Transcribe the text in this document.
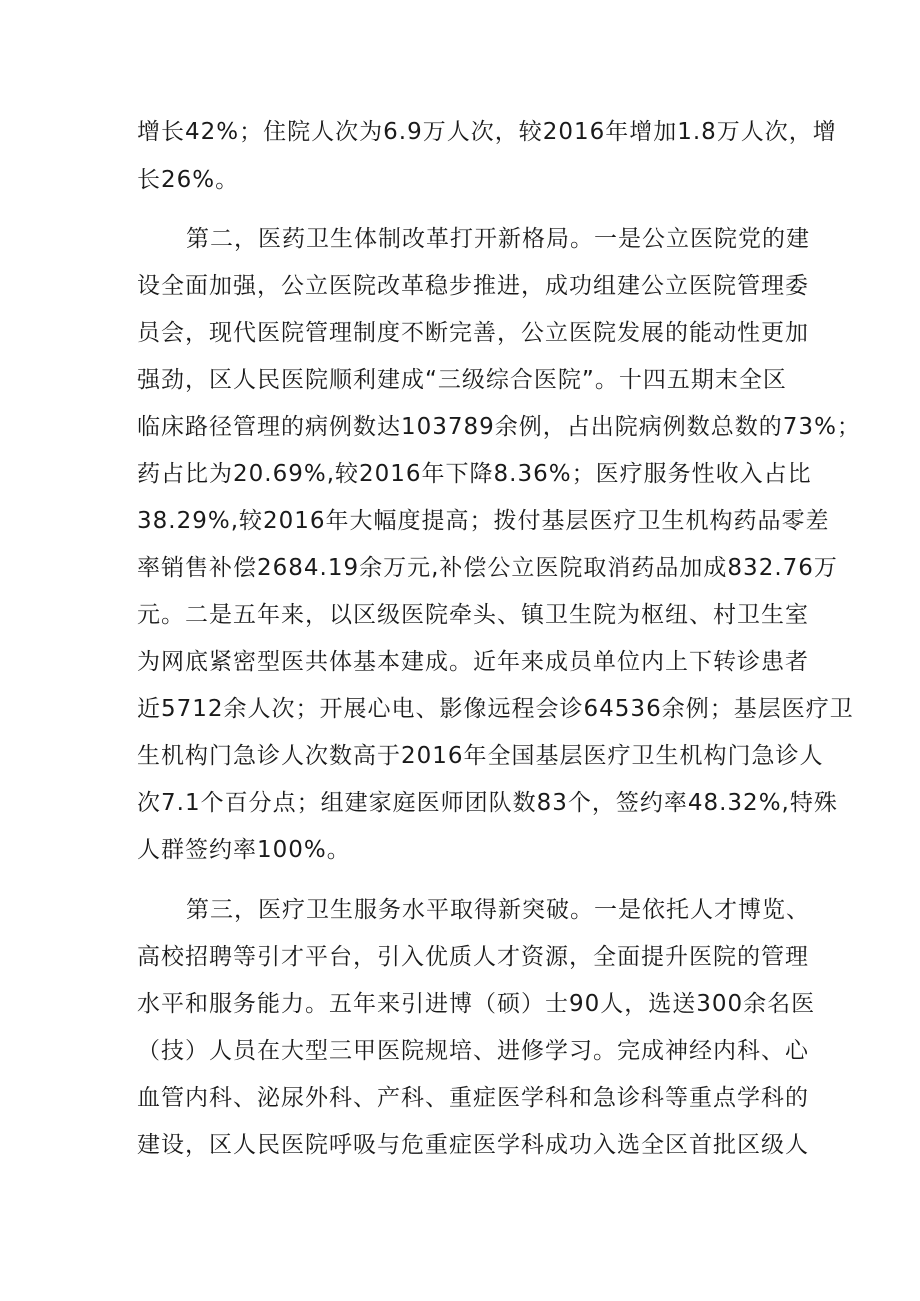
增长42%；住院人次为6.9万人次，较2016年增加1.8万人次，增
长26%。
第二，医药卫生体制改革打开新格局。一是公立医院党的建
设全面加强，公立医院改革稳步推进，成功组建公立医院管理委
员会，现代医院管理制度不断完善，公立医院发展的能动性更加
强劲，区人民医院顺利建成“三级综合医院”。十四五期末全区
临床路径管理的病例数达103789余例，占出院病例数总数的73%；
药占比为20.69%,较2016年下降8.36%；医疗服务性收入占比
38.29%,较2016年大幅度提高；拨付基层医疗卫生机构药品零差
率销售补偿2684.19余万元,补偿公立医院取消药品加成832.76万
元。二是五年来，以区级医院牵头、镇卫生院为枢纽、村卫生室
为网底紧密型医共体基本建成。近年来成员单位内上下转诊患者
近5712余人次；开展心电、影像远程会诊64536余例；基层医疗卫
生机构门急诊人次数高于2016年全国基层医疗卫生机构门急诊人
次7.1个百分点；组建家庭医师团队数83个，签约率48.32%,特殊
人群签约率100%。
第三，医疗卫生服务水平取得新突破。一是依托人才博览、
高校招聘等引才平台，引入优质人才资源，全面提升医院的管理
水平和服务能力。五年来引进博（硕）士90人，选送300余名医
（技）人员在大型三甲医院规培、进修学习。完成神经内科、心
血管内科、泌尿外科、产科、重症医学科和急诊科等重点学科的
建设，区人民医院呼吸与危重症医学科成功入选全区首批区级人
